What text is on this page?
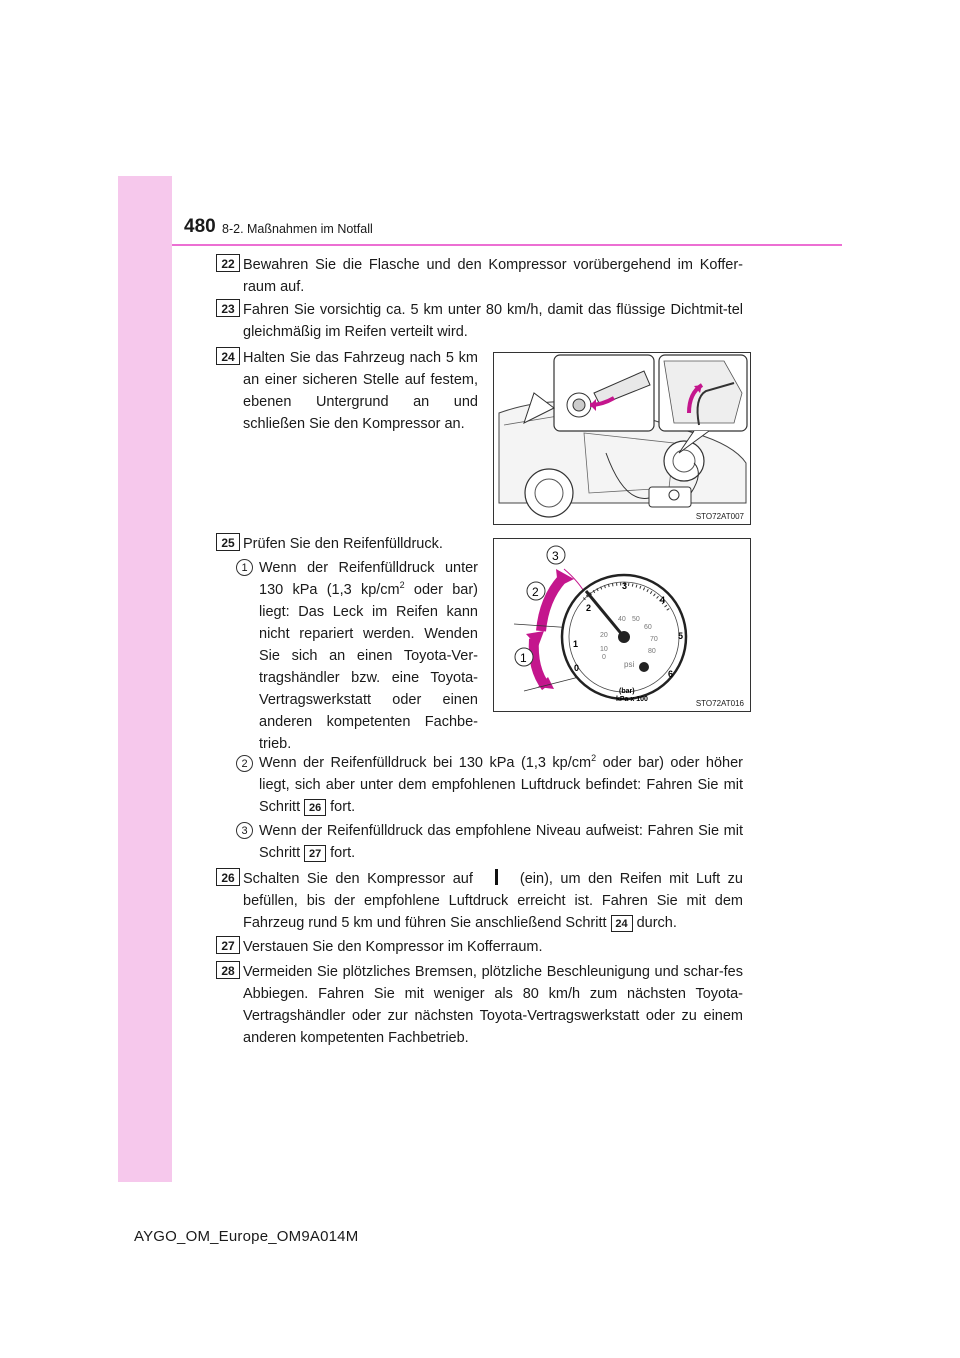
480 8-2. Maßnahmen im Notfall
22 Bewahren Sie die Flasche und den Kompressor vorübergehend im Koffer-raum auf.

23 Fahren Sie vorsichtig ca. 5 km unter 80 km/h, damit das flüssige Dichtmit-tel gleichmäßig im Reifen verteilt wird.

24 Halten Sie das Fahrzeug nach 5 km an einer sicheren Stelle auf festem, ebenen Untergrund an und schließen Sie den Kompressor an.

STO72AT007
25 Prüfen Sie den Reifenfülldruck.

1 Wenn der Reifenfülldruck unter 130 kPa (1,3 $kp/cm^2$ oder bar) liegt: Das Leck im Reifen kann nicht repariert werden. Wenden Sie sich an einen Toyota-Ver-tragshändler bzw. eine Toyota-Vertragswerkstatt oder einen anderen kompetenten Fachbe-trieb.

0
1
2
3
4
5
6
0
10
20
40 50
60
70
80
psi
(bar)
kPa x 100
3
2
1
STO72AT016
2 Wenn der Reifenfülldruck bei 130 kPa (1,3 $kp/cm^2$ oder bar) oder höher liegt, sich aber unter dem empfohlenen Luftdruck befindet: Fahren Sie mit Schritt 26 fort.

3 Wenn der Reifenfülldruck das empfohlene Niveau aufweist: Fahren Sie mit Schritt 27 fort.

26 Schalten Sie den Kompressor auf	(ein), um den Reifen mit Luft zu befüllen, bis der empfohlene Luftdruck erreicht ist. Fahren Sie mit dem Fahrzeug rund 5 km und führen Sie anschließend Schritt 24 durch.

27 Verstauen Sie den Kompressor im Kofferraum.

28 Vermeiden Sie plötzliches Bremsen, plötzliche Beschleunigung und schar-fes Abbiegen. Fahren Sie mit weniger als 80 km/h zum nächsten Toyota-Vertragshändler oder zur nächsten Toyota-Vertragswerkstatt oder zu einem anderen kompetenten Fachbetrieb.

AYGO_OM_Europe_OM9A014M
